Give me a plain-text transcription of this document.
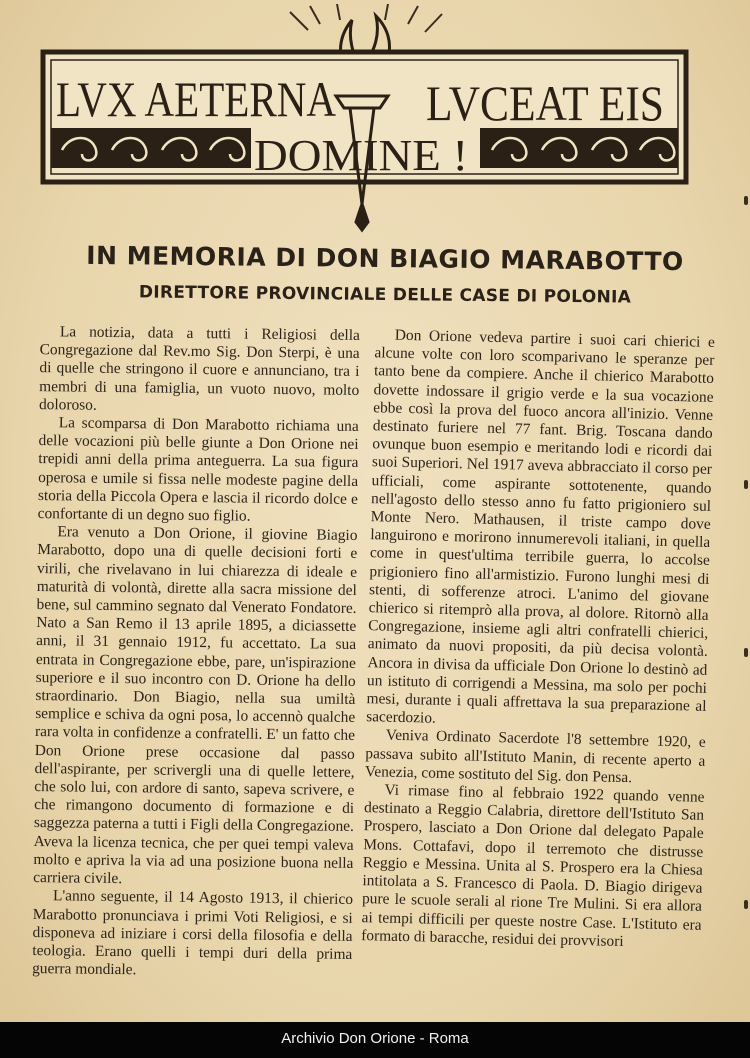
LVX AETERNA LVCEAT EIS
DOMINE !
IN MEMORIA DI DON BIAGIO MARABOTTO
DIRETTORE PROVINCIALE DELLE CASE DI POLONIA

La notizia, data a tutti i Religiosi della Congregazione dal Rev.mo Sig. Don Sterpi, è una di quelle che stringono il cuore e annunciano, tra i membri di una famiglia, un vuoto nuovo, molto doloroso.

La scomparsa di Don Marabotto richiama una delle vocazioni più belle giunte a Don Orione nei trepidi anni della prima anteguerra. La sua figura operosa e umile si fissa nelle modeste pagine della storia della Piccola Opera e lascia il ricordo dolce e confortante di un degno suo figlio.

Era venuto a Don Orione, il giovine Biagio Marabotto, dopo una di quelle decisioni forti e virili, che rivelavano in lui chiarezza di ideale e maturità di volontà, dirette alla sacra missione del bene, sul cammino segnato dal Venerato Fondatore. Nato a San Remo il 13 aprile 1895, a diciassette anni, il 31 gennaio 1912, fu accettato. La sua entrata in Congregazione ebbe, pare, un'ispirazione superiore e il suo incontro con D. Orione ha dello straordinario. Don Biagio, nella sua umiltà semplice e schiva da ogni posa, lo accennò qualche rara volta in confidenze a confratelli. E' un fatto che Don Orione prese occasione dal passo dell'aspirante, per scrivergli una di quelle lettere, che solo lui, con ardore di santo, sapeva scrivere, e che rimangono documento di formazione e di saggezza paterna a tutti i Figli della Congregazione. Aveva la licenza tecnica, che per quei tempi valeva molto e apriva la via ad una posizione buona nella carriera civile.

L'anno seguente, il 14 Agosto 1913, il chierico Marabotto pronunciava i primi Voti Religiosi, e si disponeva ad iniziare i corsi della filosofia e della teologia. Erano quelli i tempi duri della prima guerra mondiale.

Don Orione vedeva partire i suoi cari chierici e alcune volte con loro scomparivano le speranze per tanto bene da compiere. Anche il chierico Marabotto dovette indossare il grigio verde e la sua vocazione ebbe così la prova del fuoco ancora all'inizio. Venne destinato furiere nel 77 fant. Brig. Toscana dando ovunque buon esempio e meritando lodi e ricordi dai suoi Superiori. Nel 1917 aveva abbracciato il corso per ufficiali, come aspirante sottotenente, quando nell'agosto dello stesso anno fu fatto prigioniero sul Monte Nero. Mathausen, il triste campo dove languirono e morirono innumerevoli italiani, in quella come in quest'ultima terribile guerra, lo accolse prigioniero fino all'armistizio. Furono lunghi mesi di stenti, di sofferenze atroci. L'animo del giovane chierico si ritemprò alla prova, al dolore. Ritornò alla Congregazione, insieme agli altri confratelli chierici, animato da nuovi propositi, da più decisa volontà. Ancora in divisa da ufficiale Don Orione lo destinò ad un istituto di corrigendi a Messina, ma solo per pochi mesi, durante i quali affrettava la sua preparazione al sacerdozio.

Veniva Ordinato Sacerdote l'8 settembre 1920, e passava subito all'Istituto Manin, di recente aperto a Venezia, come sostituto del Sig. don Pensa.

Vi rimase fino al febbraio 1922 quando venne destinato a Reggio Calabria, direttore dell'Istituto San Prospero, lasciato a Don Orione dal delegato Papale Mons. Cottafavi, dopo il terremoto che distrusse Reggio e Messina. Unita al S. Prospero era la Chiesa intitolata a S. Francesco di Paola. D. Biagio dirigeva pure le scuole serali al rione Tre Mulini. Si era allora ai tempi difficili per queste nostre Case. L'Istituto era formato di baracche, residui dei provvisori

Archivio Don Orione - Roma
